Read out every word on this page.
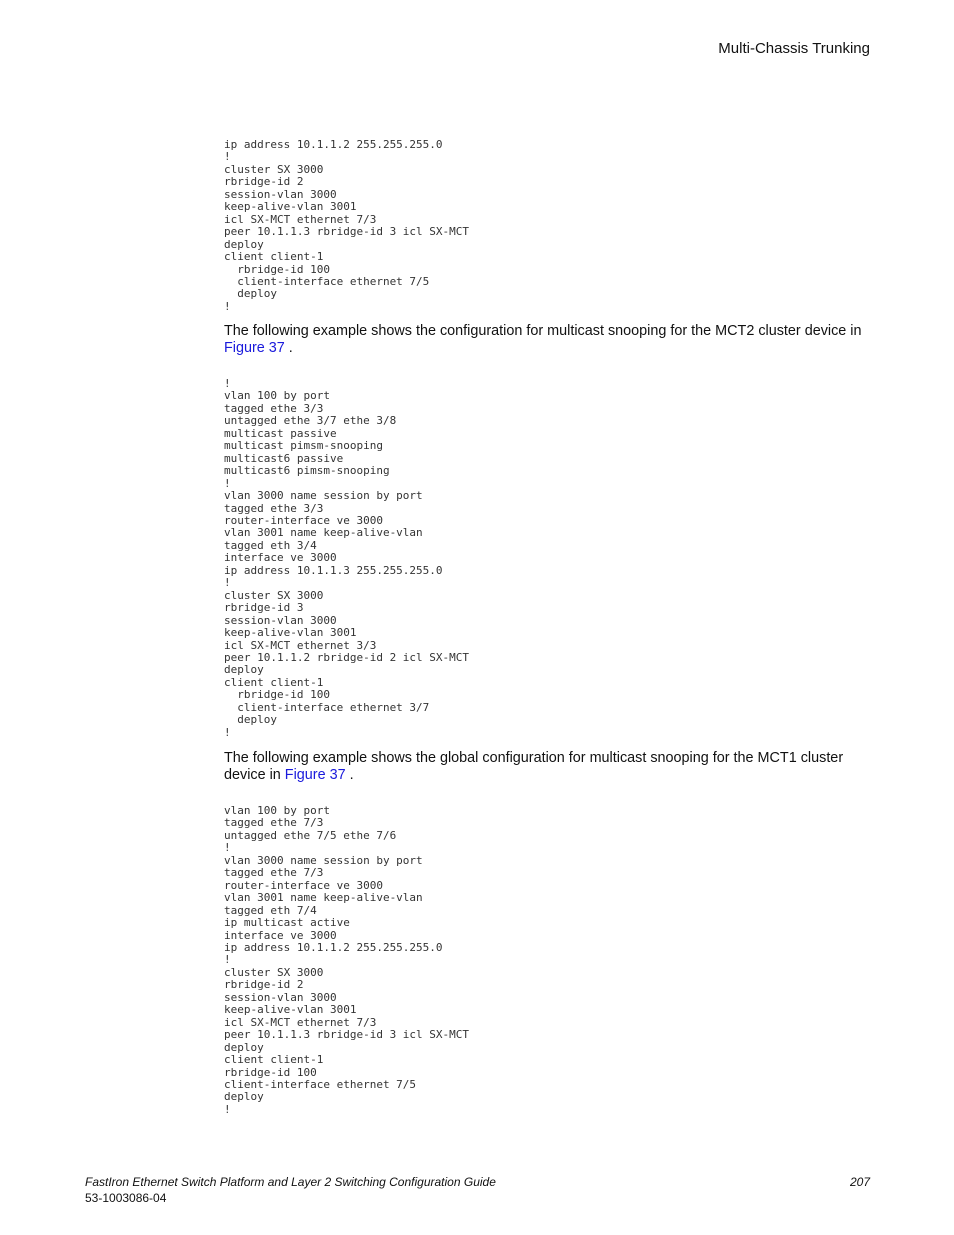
Multi-Chassis Trunking
ip address 10.1.1.2 255.255.255.0
!
cluster SX 3000
rbridge-id 2
session-vlan 3000
keep-alive-vlan 3001
icl SX-MCT ethernet 7/3
peer 10.1.1.3 rbridge-id 3 icl SX-MCT
deploy
client client-1
rbridge-id 100
client-interface ethernet 7/5
deploy
!

The following example shows the configuration for multicast snooping for the MCT2 cluster device in Figure 37 .

!
vlan 100 by port
tagged ethe 3/3
untagged ethe 3/7 ethe 3/8
multicast passive
multicast pimsm-snooping
multicast6 passive
multicast6 pimsm-snooping
!
vlan 3000 name session by port
tagged ethe 3/3
router-interface ve 3000
vlan 3001 name keep-alive-vlan
tagged eth 3/4
interface ve 3000
ip address 10.1.1.3 255.255.255.0
!
cluster SX 3000
rbridge-id 3
session-vlan 3000
keep-alive-vlan 3001
icl SX-MCT ethernet 3/3
peer 10.1.1.2 rbridge-id 2 icl SX-MCT
deploy
client client-1
rbridge-id 100
client-interface ethernet 3/7
deploy
!

The following example shows the global configuration for multicast snooping for the MCT1 cluster device in Figure 37 .

vlan 100 by port
tagged ethe 7/3
untagged ethe 7/5 ethe 7/6
!
vlan 3000 name session by port
tagged ethe 7/3
router-interface ve 3000
vlan 3001 name keep-alive-vlan
tagged eth 7/4
ip multicast active
interface ve 3000
ip address 10.1.1.2 255.255.255.0
!
cluster SX 3000
rbridge-id 2
session-vlan 3000
keep-alive-vlan 3001
icl SX-MCT ethernet 7/3
peer 10.1.1.3 rbridge-id 3 icl SX-MCT
deploy
client client-1
rbridge-id 100
client-interface ethernet 7/5
deploy
!
FastIron Ethernet Switch Platform and Layer 2 Switching Configuration Guide
53-1003086-04
207
